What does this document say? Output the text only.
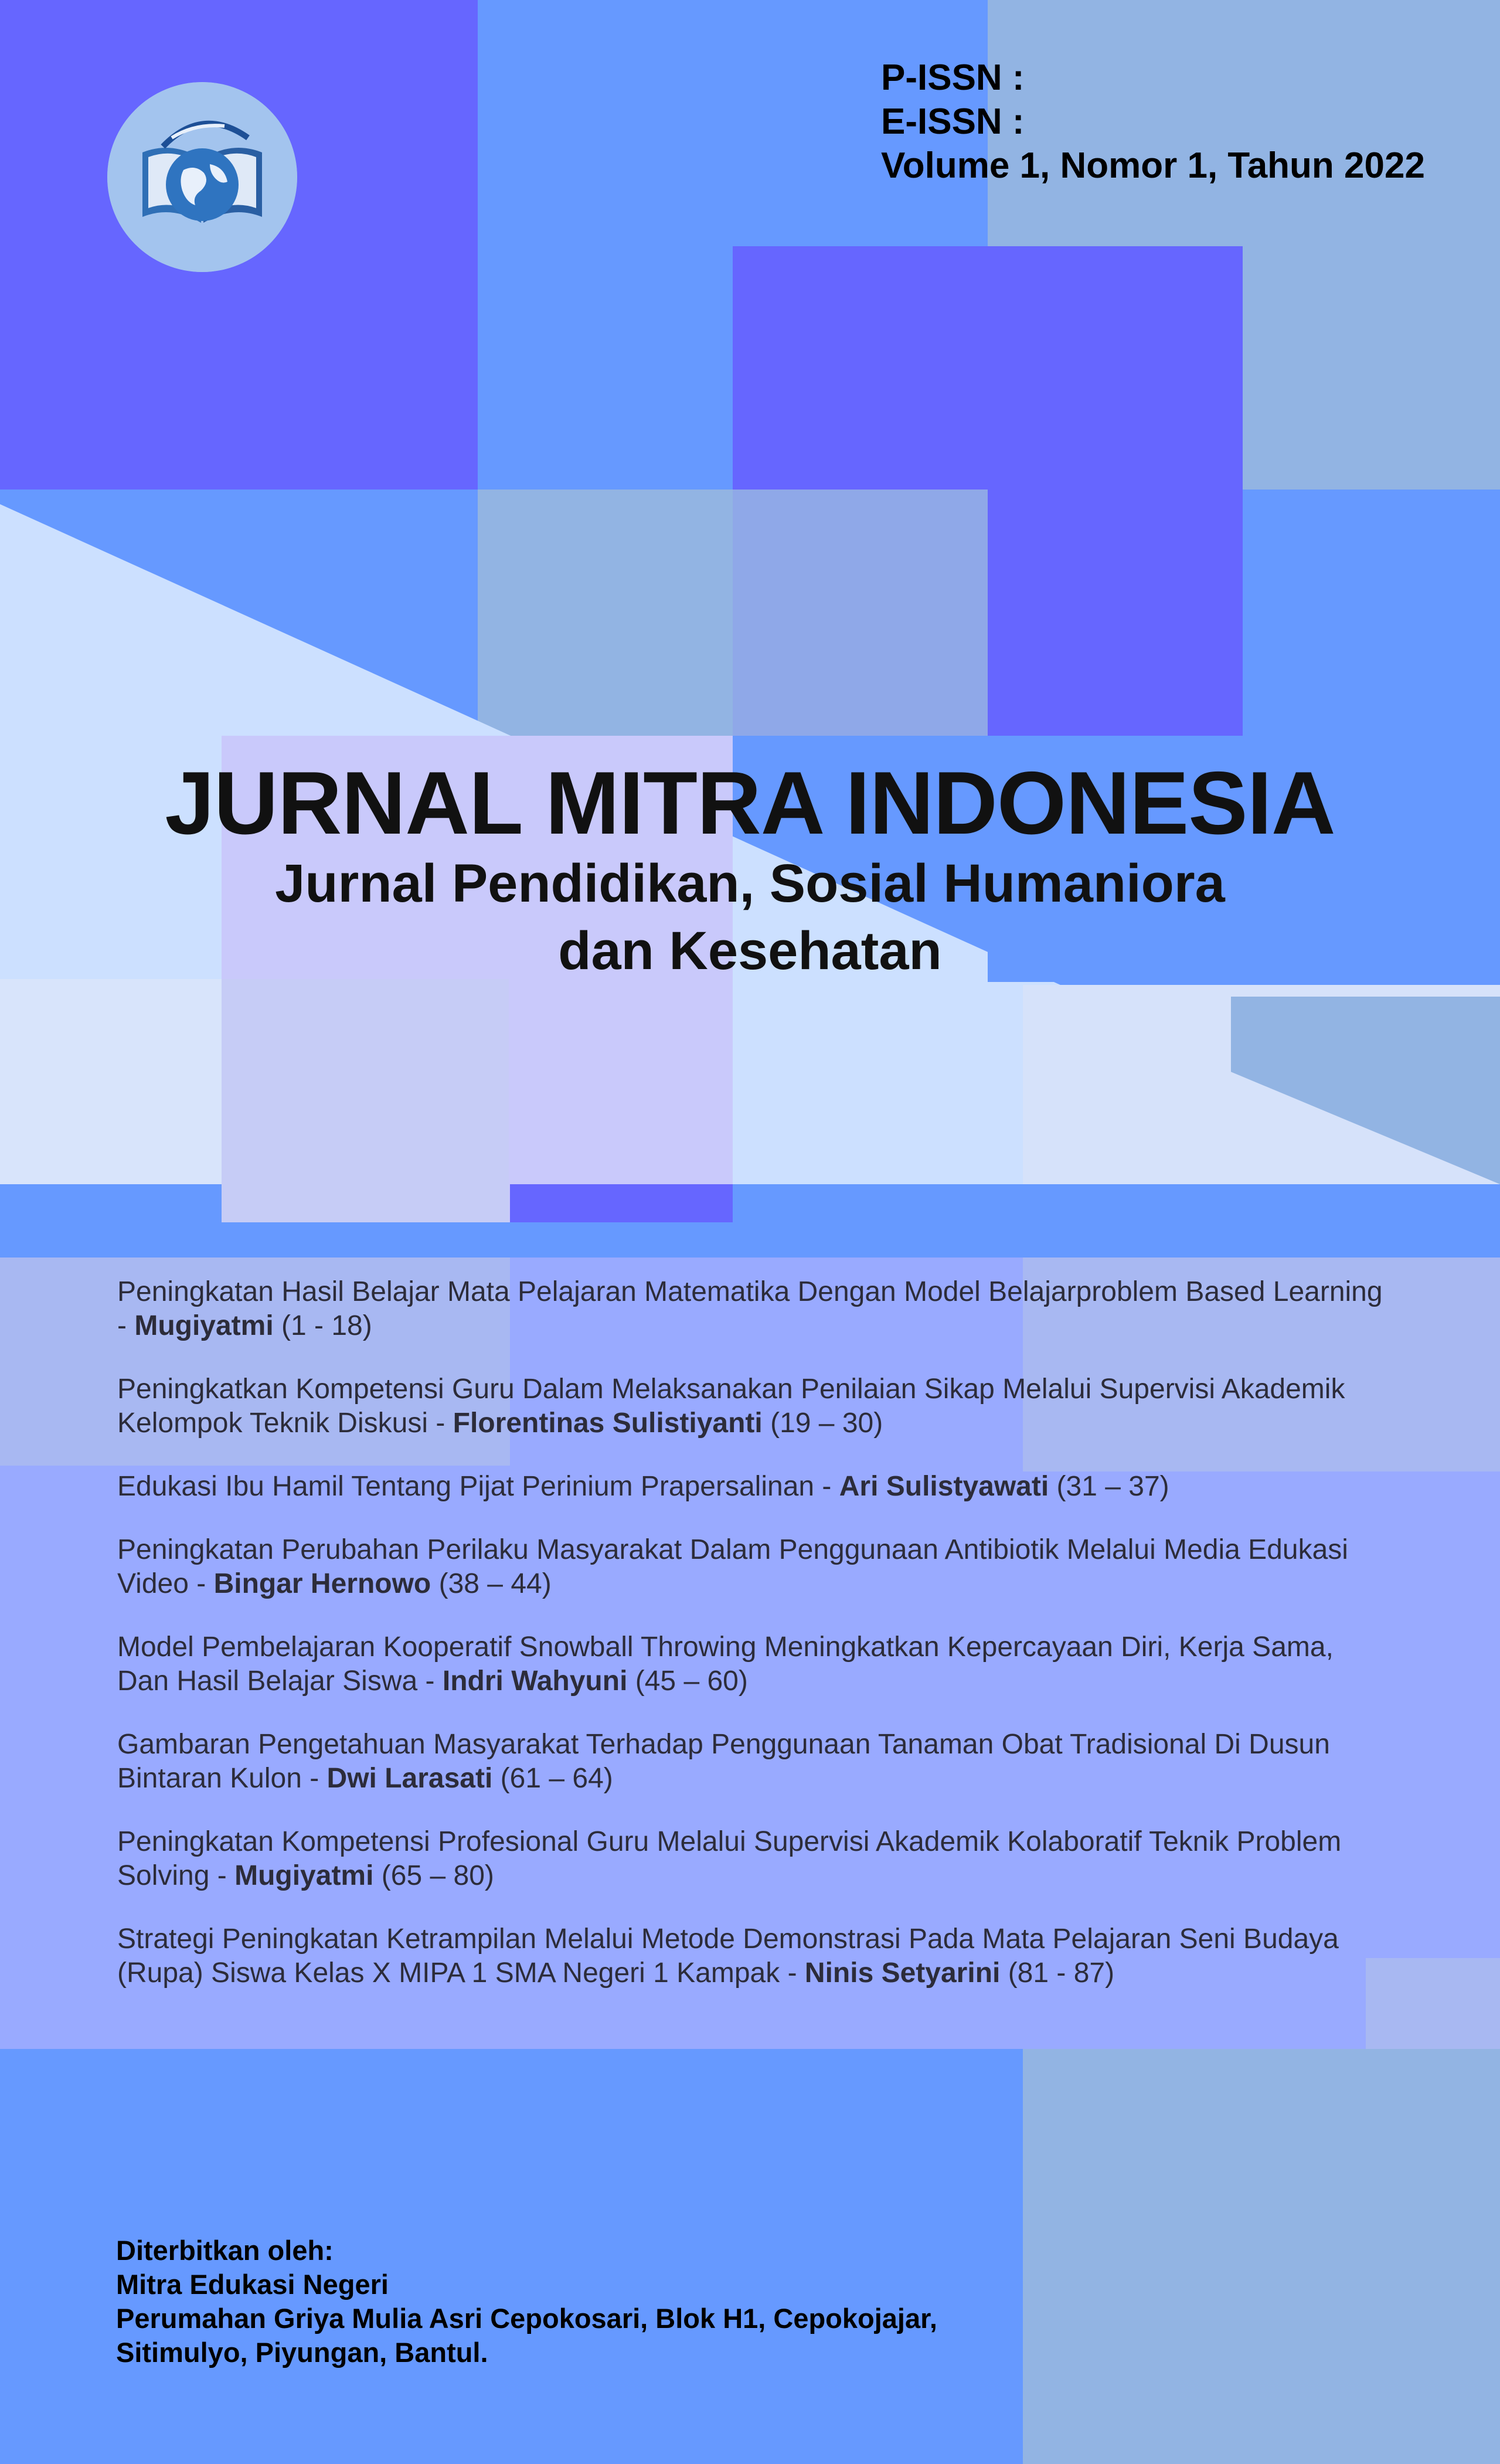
P-ISSN :
E-ISSN :
Volume 1, Nomor 1, Tahun 2022
JURNAL MITRA INDONESIA
Jurnal Pendidikan, Sosial Humaniora
dan Kesehatan
Peningkatan Hasil Belajar Mata Pelajaran Matematika Dengan Model Belajarproblem Based Learning
- Mugiyatmi (1 - 18)
Peningkatkan Kompetensi Guru Dalam Melaksanakan Penilaian Sikap Melalui Supervisi Akademik
Kelompok Teknik Diskusi - Florentinas Sulistiyanti (19 – 30)
Edukasi Ibu Hamil Tentang Pijat Perinium Prapersalinan - Ari Sulistyawati (31 – 37)
Peningkatan Perubahan Perilaku Masyarakat Dalam Penggunaan Antibiotik Melalui Media Edukasi
Video - Bingar Hernowo (38 – 44)
Model Pembelajaran Kooperatif Snowball Throwing Meningkatkan Kepercayaan Diri, Kerja Sama,
Dan Hasil Belajar Siswa - Indri Wahyuni (45 – 60)
Gambaran Pengetahuan Masyarakat Terhadap Penggunaan Tanaman Obat Tradisional Di Dusun
Bintaran Kulon - Dwi Larasati (61 – 64)
Peningkatan Kompetensi Profesional Guru Melalui Supervisi Akademik Kolaboratif Teknik Problem
Solving - Mugiyatmi (65 – 80)
Strategi Peningkatan Ketrampilan Melalui Metode Demonstrasi Pada Mata Pelajaran Seni Budaya
(Rupa) Siswa Kelas X MIPA 1 SMA Negeri 1 Kampak - Ninis Setyarini (81 - 87)
Diterbitkan oleh:
Mitra Edukasi Negeri
Perumahan Griya Mulia Asri Cepokosari, Blok H1, Cepokojajar,
Sitimulyo, Piyungan, Bantul.
